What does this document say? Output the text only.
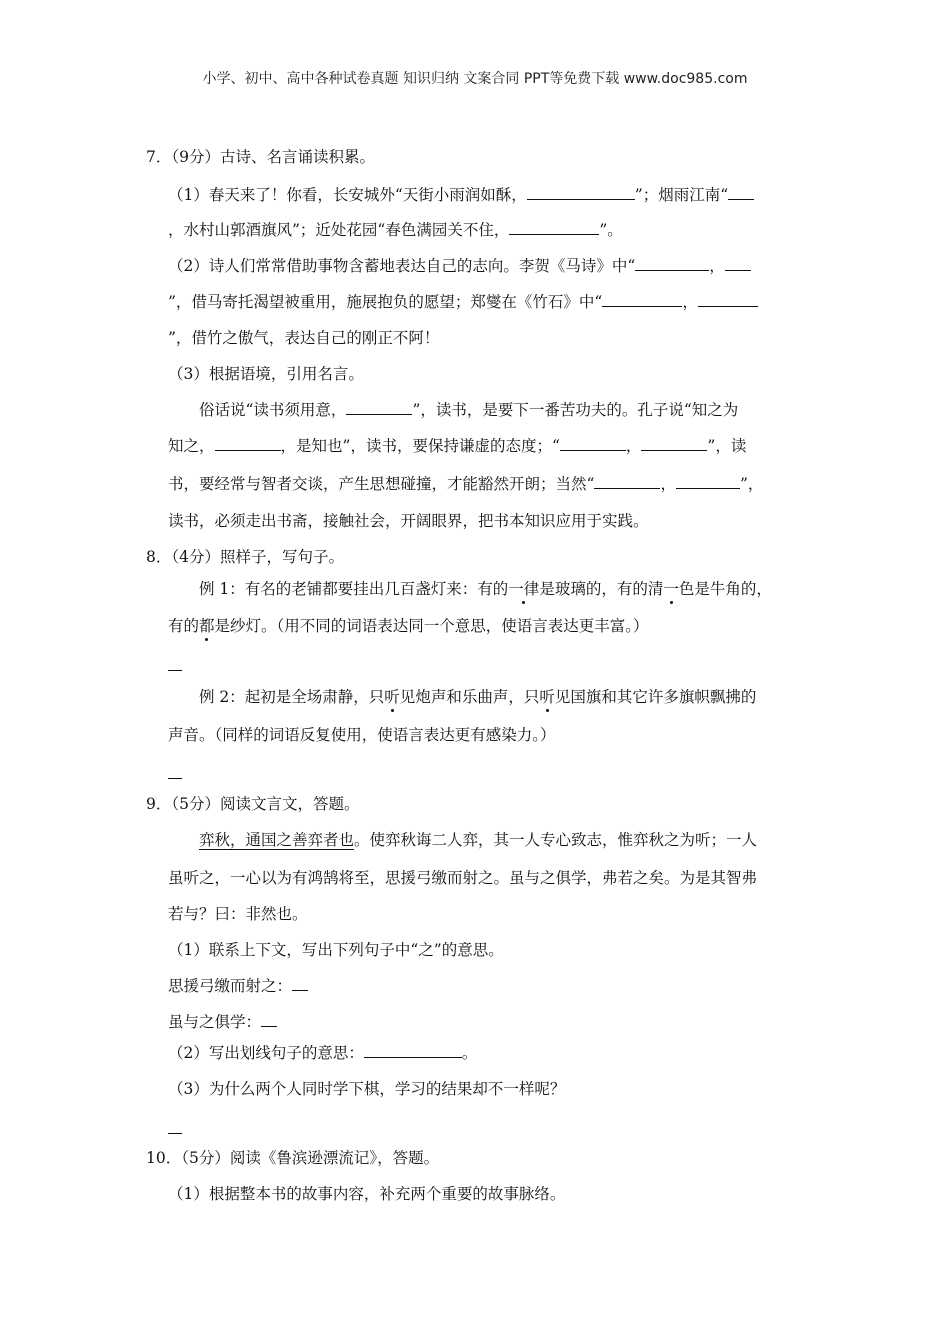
小学、初中、高中各种试卷真题 知识归纳 文案合同 PPT等免费下载 www.doc985.com
7．（9分）古诗、名言诵读积累。
（1）春天来了！你看，长安城外“天街小雨润如酥，	”；烟雨江南“
，水村山郭酒旗风”；近处花园“春色满园关不住，	”。
（2）诗人们常常借助事物含蓄地表达自己的志向。李贺《马诗》中“	，
”，借马寄托渴望被重用，施展抱负的愿望；郑燮在《竹石》中“	，
”，借竹之傲气，表达自己的刚正不阿！
（3）根据语境，引用名言。
俗话说“读书须用意，	”，读书，是要下一番苦功夫的。孔子说“知之为
知之，	，是知也”，读书，要保持谦虚的态度；“	，	”，读
书，要经常与智者交谈，产生思想碰撞，才能豁然开朗；当然“	，	”，
读书，必须走出书斋，接触社会，开阔眼界，把书本知识应用于实践。
8．（4分）照样子，写句子。
例 1：有名的老铺都要挂出几百盏灯来：有的一律是玻璃的，有的清一色是牛角的，
有的都是纱灯。（用不同的词语表达同一个意思，使语言表达更丰富。）
例 2：起初是全场肃静，只听见炮声和乐曲声，只听见国旗和其它许多旗帜飘拂的
声音。（同样的词语反复使用，使语言表达更有感染力。）
9．（5分）阅读文言文，答题。
弈秋，通国之善弈者也。使弈秋诲二人弈，其一人专心致志，惟弈秋之为听；一人
虽听之，一心以为有鸿鹄将至，思援弓缴而射之。虽与之俱学，弗若之矣。为是其智弗
若与？曰：非然也。
（1）联系上下文，写出下列句子中“之”的意思。
思援弓缴而射之：
虽与之俱学：
（2）写出划线句子的意思：	。
（3）为什么两个人同时学下棋，学习的结果却不一样呢？
10．（5分）阅读《鲁滨逊漂流记》，答题。
（1）根据整本书的故事内容，补充两个重要的故事脉络。
